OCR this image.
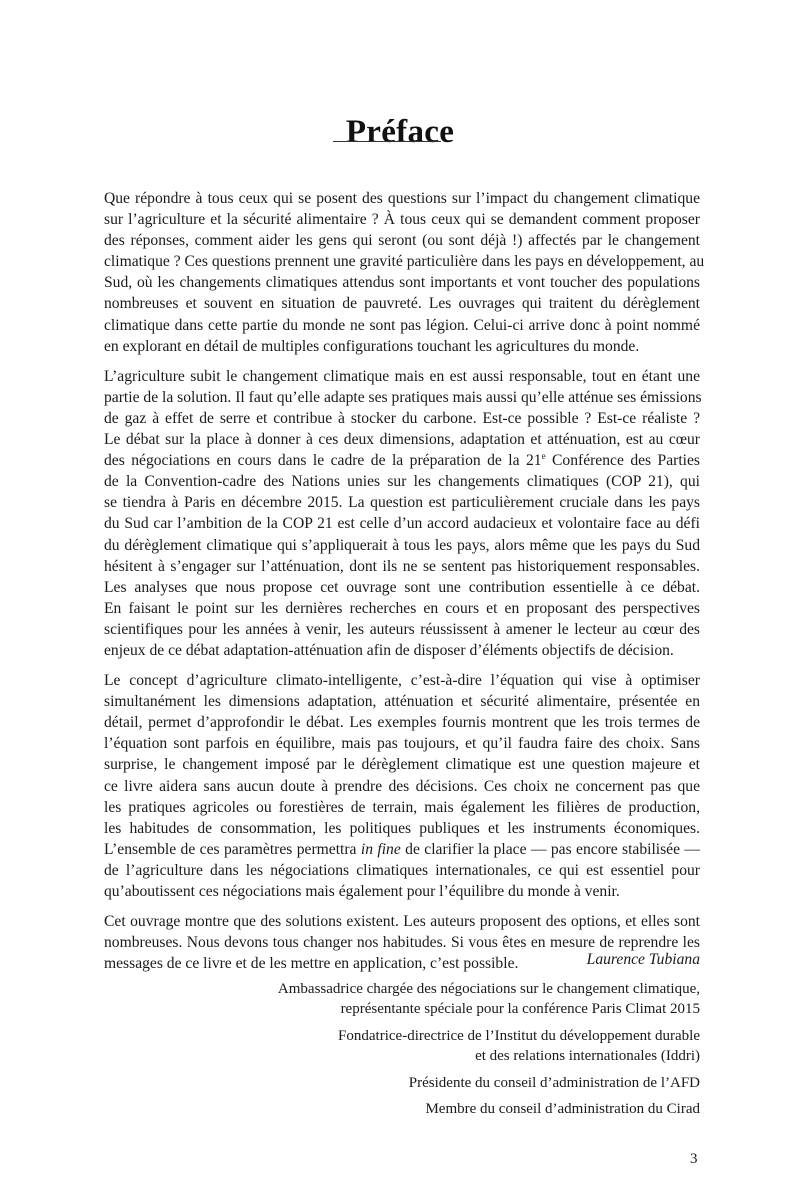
Préface
Que répondre à tous ceux qui se posent des questions sur l’impact du changement climatique
sur l’agriculture et la sécurité alimentaire ? À tous ceux qui se demandent comment proposer
des réponses, comment aider les gens qui seront (ou sont déjà !) affectés par le changement
climatique ? Ces questions prennent une gravité particulière dans les pays en développement, au
Sud, où les changements climatiques attendus sont importants et vont toucher des populations
nombreuses et souvent en situation de pauvreté. Les ouvrages qui traitent du dérèglement
climatique dans cette partie du monde ne sont pas légion. Celui-ci arrive donc à point nommé
en explorant en détail de multiples configurations touchant les agricultures du monde.
L’agriculture subit le changement climatique mais en est aussi responsable, tout en étant une
partie de la solution. Il faut qu’elle adapte ses pratiques mais aussi qu’elle atténue ses émissions
de gaz à effet de serre et contribue à stocker du carbone. Est-ce possible ? Est-ce réaliste ?
Le débat sur la place à donner à ces deux dimensions, adaptation et atténuation, est au cœur
des négociations en cours dans le cadre de la préparation de la 21e Conférence des Parties
de la Convention-cadre des Nations unies sur les changements climatiques (COP 21), qui
se tiendra à Paris en décembre 2015. La question est particulièrement cruciale dans les pays
du Sud car l’ambition de la COP 21 est celle d’un accord audacieux et volontaire face au défi
du dérèglement climatique qui s’appliquerait à tous les pays, alors même que les pays du Sud
hésitent à s’engager sur l’atténuation, dont ils ne se sentent pas historiquement responsables.
Les analyses que nous propose cet ouvrage sont une contribution essentielle à ce débat.
En faisant le point sur les dernières recherches en cours et en proposant des perspectives
scientifiques pour les années à venir, les auteurs réussissent à amener le lecteur au cœur des
enjeux de ce débat adaptation-atténuation afin de disposer d’éléments objectifs de décision.
Le concept d’agriculture climato-intelligente, c’est-à-dire l’équation qui vise à optimiser
simultanément les dimensions adaptation, atténuation et sécurité alimentaire, présentée en
détail, permet d’approfondir le débat. Les exemples fournis montrent que les trois termes de
l’équation sont parfois en équilibre, mais pas toujours, et qu’il faudra faire des choix. Sans
surprise, le changement imposé par le dérèglement climatique est une question majeure et
ce livre aidera sans aucun doute à prendre des décisions. Ces choix ne concernent pas que
les pratiques agricoles ou forestières de terrain, mais également les filières de production,
les habitudes de consommation, les politiques publiques et les instruments économiques.
L’ensemble de ces paramètres permettra in fine de clarifier la place — pas encore stabilisée —
de l’agriculture dans les négociations climatiques internationales, ce qui est essentiel pour
qu’aboutissent ces négociations mais également pour l’équilibre du monde à venir.
Cet ouvrage montre que des solutions existent. Les auteurs proposent des options, et elles sont
nombreuses. Nous devons tous changer nos habitudes. Si vous êtes en mesure de reprendre les
messages de ce livre et de les mettre en application, c’est possible.	Laurence Tubiana
Ambassadrice chargée des négociations sur le changement climatique,
représentante spéciale pour la conférence Paris Climat 2015
Fondatrice-directrice de l’Institut du développement durable
et des relations internationales (Iddri)
Présidente du conseil d’administration de l’AFD
Membre du conseil d’administration du Cirad
3
